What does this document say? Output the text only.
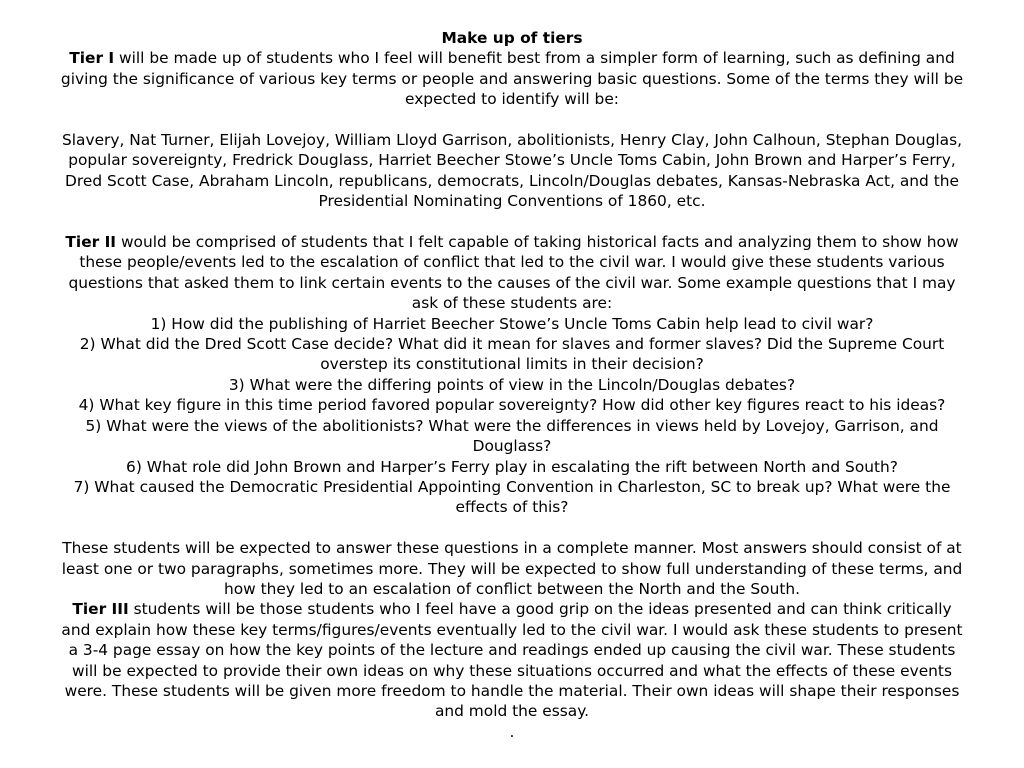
Make up of tiers

Tier I will be made up of students who I feel will benefit best from a simpler form of learning, such as defining and giving the significance of various key terms or people and answering basic questions. Some of the terms they will be expected to identify will be:

Slavery, Nat Turner, Elijah Lovejoy, William Lloyd Garrison, abolitionists, Henry Clay, John Calhoun, Stephan Douglas, popular sovereignty, Fredrick Douglass, Harriet Beecher Stowe’s Uncle Toms Cabin, John Brown and Harper’s Ferry, Dred Scott Case, Abraham Lincoln, republicans, democrats, Lincoln/Douglas debates, Kansas-Nebraska Act, and the Presidential Nominating Conventions of 1860, etc.

Tier II would be comprised of students that I felt capable of taking historical facts and analyzing them to show how these people/events led to the escalation of conflict that led to the civil war. I would give these students various questions that asked them to link certain events to the causes of the civil war. Some example questions that I may ask of these students are:

1) How did the publishing of Harriet Beecher Stowe’s Uncle Toms Cabin help lead to civil war?
2) What did the Dred Scott Case decide? What did it mean for slaves and former slaves? Did the Supreme Court overstep its constitutional limits in their decision?
3) What were the differing points of view in the Lincoln/Douglas debates?
4) What key figure in this time period favored popular sovereignty? How did other key figures react to his ideas?
5) What were the views of the abolitionists? What were the differences in views held by Lovejoy, Garrison, and Douglass?
6) What role did John Brown and Harper’s Ferry play in escalating the rift between North and South?
7) What caused the Democratic Presidential Appointing Convention in Charleston, SC to break up? What were the effects of this?

These students will be expected to answer these questions in a complete manner. Most answers should consist of at least one or two paragraphs, sometimes more. They will be expected to show full understanding of these terms, and how they led to an escalation of conflict between the North and the South.

Tier III students will be those students who I feel have a good grip on the ideas presented and can think critically and explain how these key terms/figures/events eventually led to the civil war. I would ask these students to present a 3-4 page essay on how the key points of the lecture and readings ended up causing the civil war. These students will be expected to provide their own ideas on why these situations occurred and what the effects of these events were. These students will be given more freedom to handle the material. Their own ideas will shape their responses and mold the essay.

.
